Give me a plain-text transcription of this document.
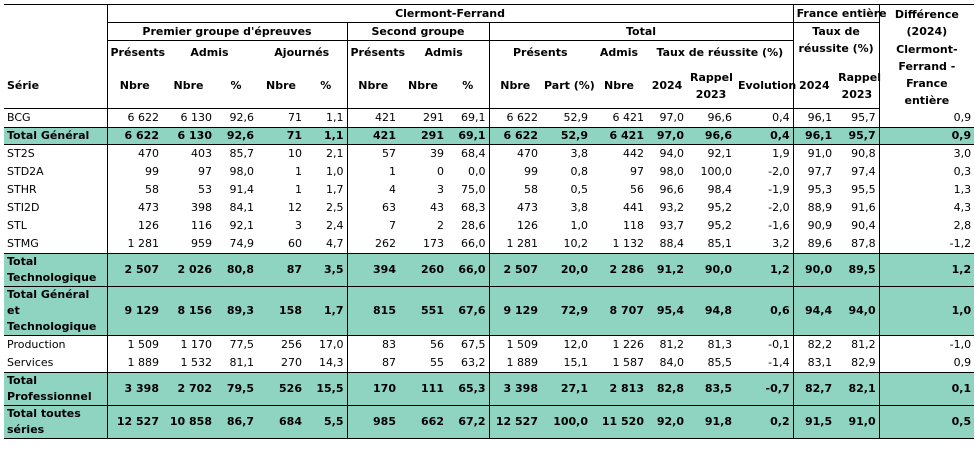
	Clermont-Ferrand														France entière		Différence (2024)
	Premier groupe d'épreuves					Second groupe			Total						Taux de réussite (%)		
	Présents	Admis		Ajournés		Présents	Admis		Présents		Admis	Taux de réussite (%)					Clermont-Ferrand - France entière
Série	Nbre	Nbre	%	Nbre	%	Nbre	Nbre	%	Nbre	Part (%)	Nbre	2024	Rappel 2023	Evolution	2024	Rappel 2023	
BCG	6 622	6 130	92,6	71	1,1	421	291	69,1	6 622	52,9	6 421	97,0	96,6	0,4	96,1	95,7	0,9
Total Général	6 622	6 130	92,6	71	1,1	421	291	69,1	6 622	52,9	6 421	97,0	96,6	0,4	96,1	95,7	0,9
ST2S	470	403	85,7	10	2,1	57	39	68,4	470	3,8	442	94,0	92,1	1,9	91,0	90,8	3,0
STD2A	99	97	98,0	1	1,0	1	0	0,0	99	0,8	97	98,0	100,0	-2,0	97,7	97,4	0,3
STHR	58	53	91,4	1	1,7	4	3	75,0	58	0,5	56	96,6	98,4	-1,9	95,3	95,5	1,3
STI2D	473	398	84,1	12	2,5	63	43	68,3	473	3,8	441	93,2	95,2	-2,0	88,9	91,6	4,3
STL	126	116	92,1	3	2,4	7	2	28,6	126	1,0	118	93,7	95,2	-1,6	90,9	90,4	2,8
STMG	1 281	959	74,9	60	4,7	262	173	66,0	1 281	10,2	1 132	88,4	85,1	3,2	89,6	87,8	-1,2
Total Technologique	2 507	2 026	80,8	87	3,5	394	260	66,0	2 507	20,0	2 286	91,2	90,0	1,2	90,0	89,5	1,2
Total Général et Technologique	9 129	8 156	89,3	158	1,7	815	551	67,6	9 129	72,9	8 707	95,4	94,8	0,6	94,4	94,0	1,0
Production	1 509	1 170	77,5	256	17,0	83	56	67,5	1 509	12,0	1 226	81,2	81,3	-0,1	82,2	81,2	-1,0
Services	1 889	1 532	81,1	270	14,3	87	55	63,2	1 889	15,1	1 587	84,0	85,5	-1,4	83,1	82,9	0,9
Total Professionnel	3 398	2 702	79,5	526	15,5	170	111	65,3	3 398	27,1	2 813	82,8	83,5	-0,7	82,7	82,1	0,1
Total toutes séries	12 527	10 858	86,7	684	5,5	985	662	67,2	12 527	100,0	11 520	92,0	91,8	0,2	91,5	91,0	0,5
